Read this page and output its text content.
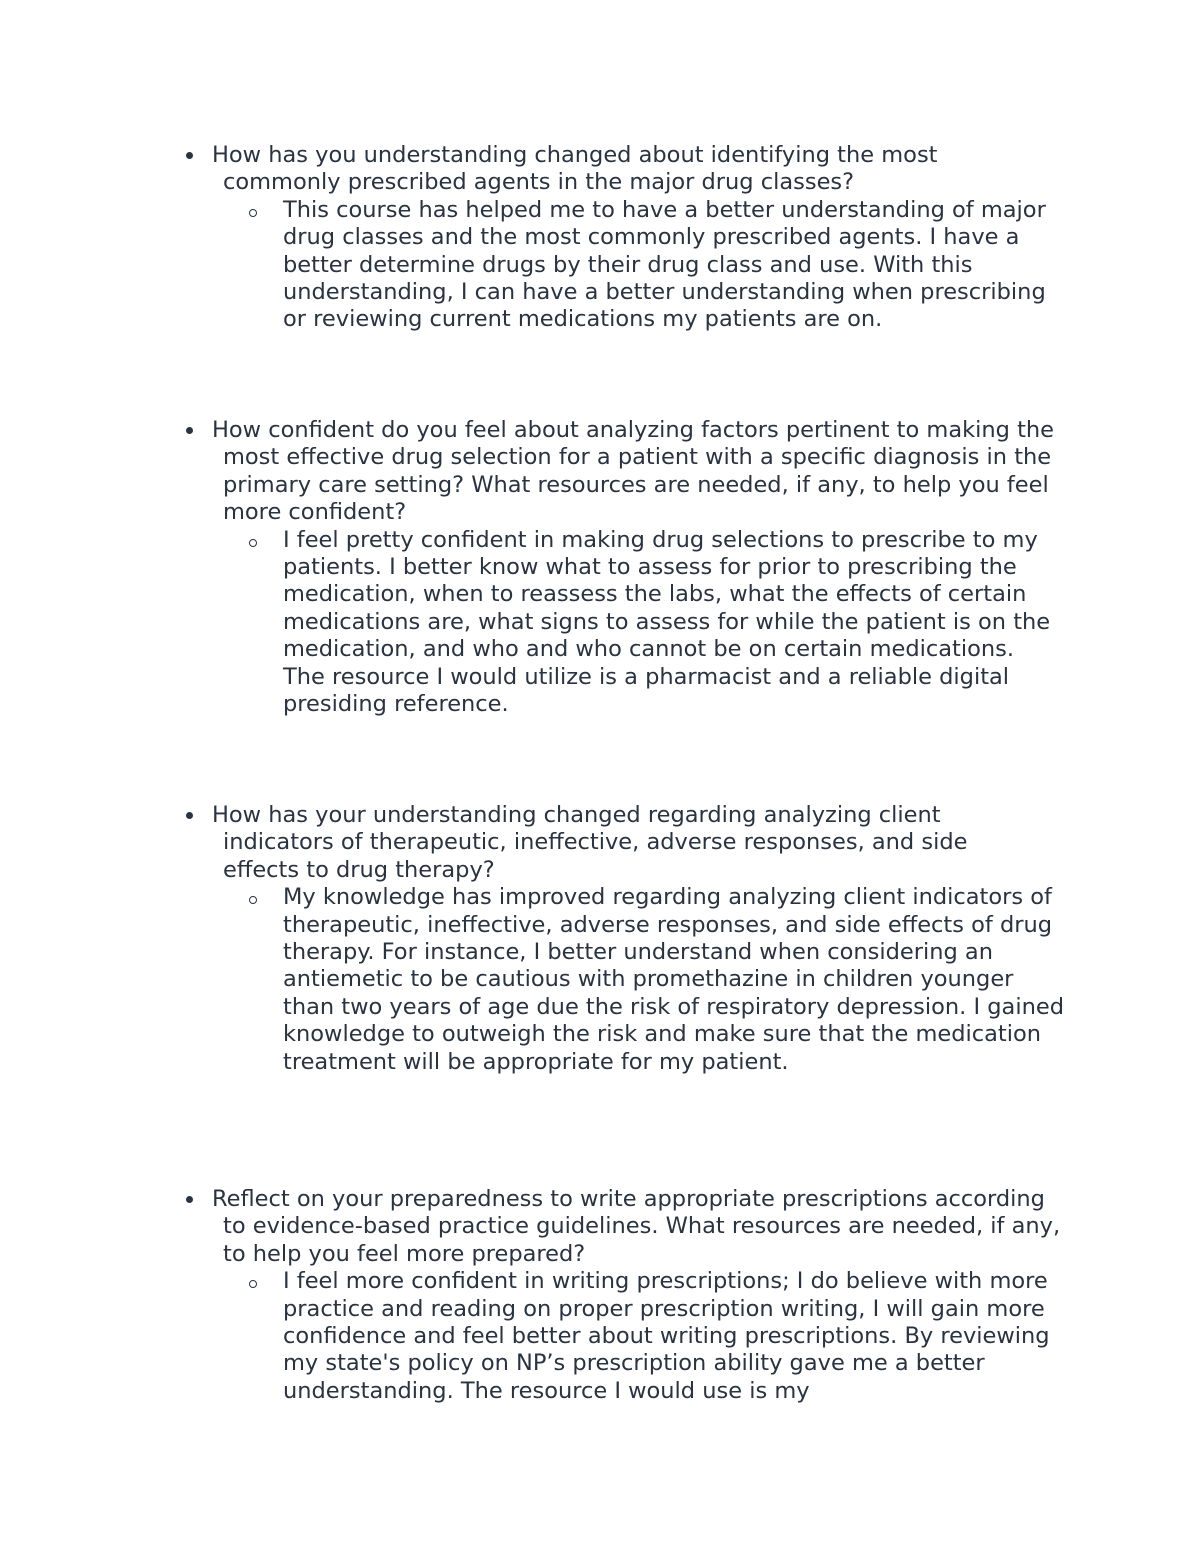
How has you understanding changed about identifying the most commonly prescribed agents in the major drug classes?
This course has helped me to have a better understanding of major drug classes and the most commonly prescribed agents. I have a better determine drugs by their drug class and use. With this understanding, I can have a better understanding when prescribing or reviewing current medications my patients are on.
How confident do you feel about analyzing factors pertinent to making the most effective drug selection for a patient with a specific diagnosis in the primary care setting? What resources are needed, if any, to help you feel more confident?
I feel pretty confident in making drug selections to prescribe to my patients. I better know what to assess for prior to prescribing the medication, when to reassess the labs, what the effects of certain medications are, what signs to assess for while the patient is on the medication, and who and who cannot be on certain medications. The resource I would utilize is a pharmacist and a reliable digital presiding reference.
How has your understanding changed regarding analyzing client indicators of therapeutic, ineffective, adverse responses, and side effects to drug therapy?
My knowledge has improved regarding analyzing client indicators of therapeutic, ineffective, adverse responses, and side effects of drug therapy. For instance, I better understand when considering an antiemetic to be cautious with promethazine in children younger than two years of age due the risk of respiratory depression. I gained knowledge to outweigh the risk and make sure that the medication treatment will be appropriate for my patient.
Reflect on your preparedness to write appropriate prescriptions according to evidence-based practice guidelines. What resources are needed, if any, to help you feel more prepared?
I feel more confident in writing prescriptions; I do believe with more practice and reading on proper prescription writing, I will gain more confidence and feel better about writing prescriptions. By reviewing my state's policy on NP’s prescription ability gave me a better understanding. The resource I would use is my
